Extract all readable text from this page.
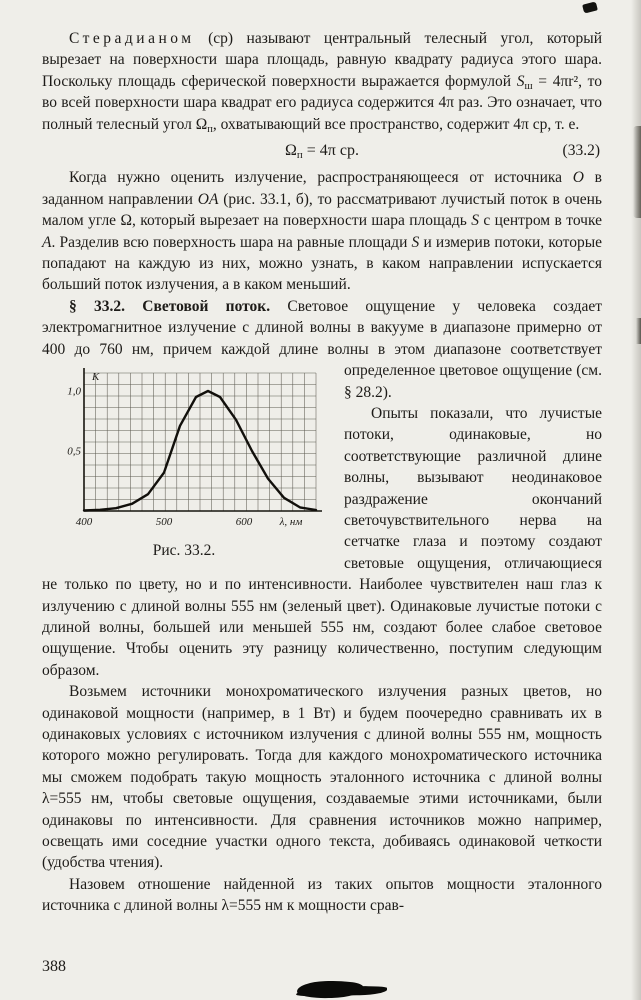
Стерадианом (ср) называют центральный телесный угол, который вырезает на поверхности шара площадь, равную квадрату радиуса этого шара. Поскольку площадь сферической поверхности выражается формулой $S_ш = 4\pi r^2$, то во всей поверхности шара квадрат его радиуса содержится 4π раз. Это означает, что полный телесный угол $\Omega_п$, охватывающий все пространство, содержит 4π ср, т. е.

$\Omega_п = 4\pi$ ср.	(33.2)

Когда нужно оценить излучение, распространяющееся от источника O в заданном направлении OA (рис. 33.1, б), то рассматривают лучистый поток в очень малом угле Ω, который вырезает на поверхности шара площадь S с центром в точке A. Разделив всю поверхность шара на равные площади S и измерив потоки, которые попадают на каждую из них, можно узнать, в каком направлении испускается больший поток излучения, а в каком меньший.

§ 33.2. Световой поток. Световое ощущение у человека создает электромагнитное излучение с длиной волны в вакууме в диапазоне примерно от 400 до 760 нм, причем каждой длине волны в этом
1,0
0,5
400	500	600 λ, нм
К
Рис. 33.2.
диапазоне соответствует определенное цветовое ощущение (см. § 28.2).

Опыты показали, что лучистые потоки, одинаковые, но соответствующие различной длине волны, вызывают неодинаковое раздражение окончаний светочувствительного нерва на сетчатке глаза и поэтому создают световые ощущения, отличающиеся не только по цвету, но и по интенсивности. Наиболее чувствителен наш глаз к излучению с длиной волны 555 нм (зеленый цвет). Одинаковые лучистые потоки с длиной волны, большей или меньшей 555 нм, создают более слабое световое ощущение. Чтобы оценить эту разницу количественно, поступим следующим образом.

Возьмем источники монохроматического излучения разных цветов, но одинаковой мощности (например, в 1 Вт) и будем поочередно сравнивать их в одинаковых условиях с источником излучения с длиной волны 555 нм, мощность которого можно регулировать. Тогда для каждого монохроматического источника мы сможем подобрать такую мощность эталонного источника с длиной волны λ=555 нм, чтобы световые ощущения, создаваемые этими источниками, были одинаковы по интенсивности. Для сравнения источников можно например, освещать ими соседние участки одного текста, добиваясь одинаковой четкости (удобства чтения).

Назовем отношение найденной из таких опытов мощности эталонного источника с длиной волны λ=555 нм к мощности срав-

388
